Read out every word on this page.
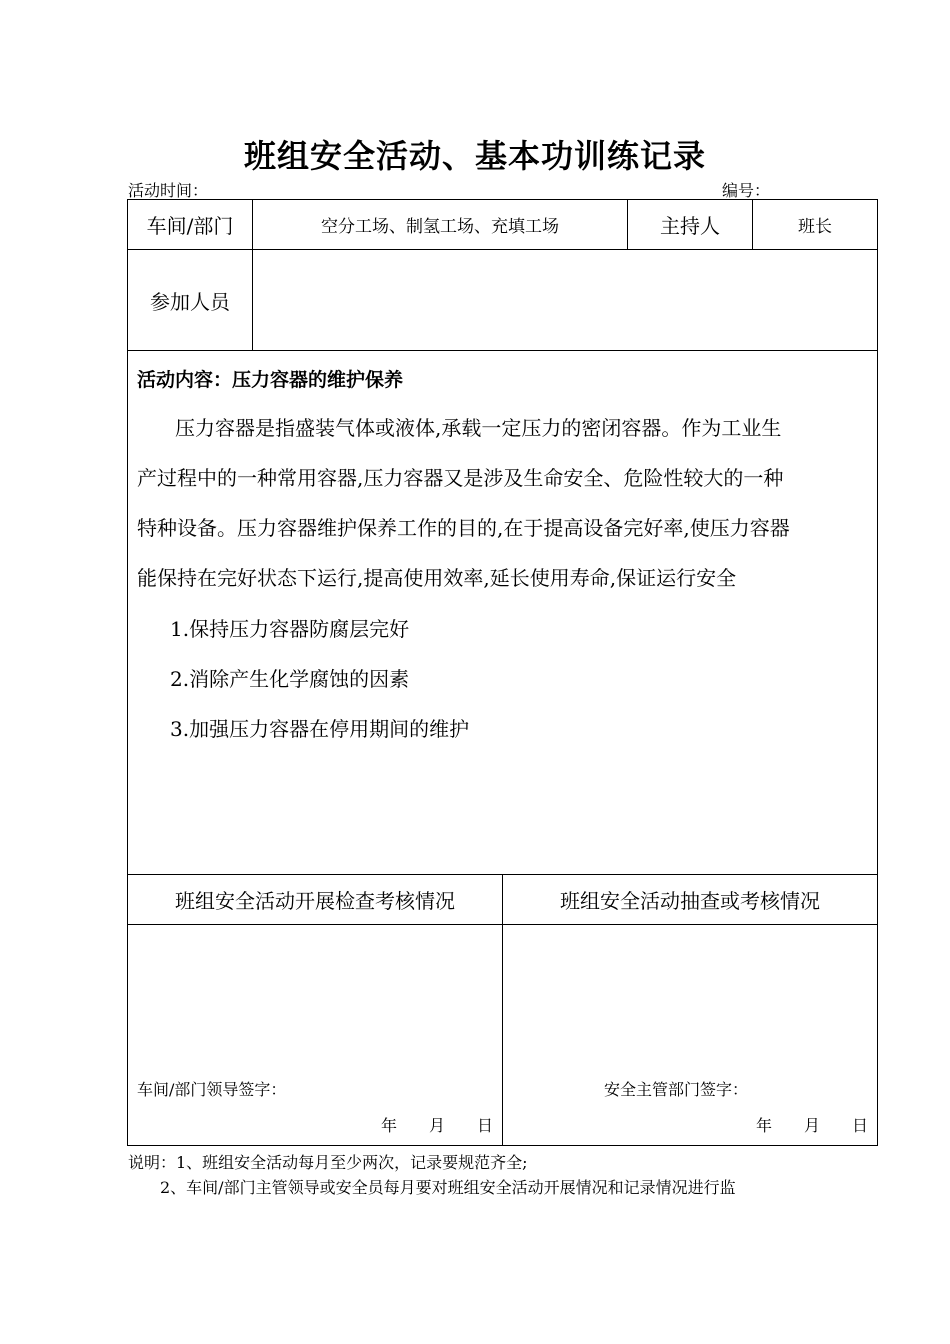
班组安全活动、基本功训练记录
活动时间：	编号：
车间/部门	空分工场、制氢工场、充填工场	主持人	班长
参加人员
活动内容：压力容器的维护保养
压力容器是指盛装气体或液体,承载一定压力的密闭容器。作为工业生
产过程中的一种常用容器,压力容器又是涉及生命安全、危险性较大的一种
特种设备。压力容器维护保养工作的目的,在于提高设备完好率,使压力容器
能保持在完好状态下运行,提高使用效率,延长使用寿命,保证运行安全
1.保持压力容器防腐层完好
2.消除产生化学腐蚀的因素
3.加强压力容器在停用期间的维护
班组安全活动开展检查考核情况	班组安全活动抽查或考核情况
车间/部门领导签字：
年 月 日
安全主管部门签字：
年 月 日
说明：1、班组安全活动每月至少两次，记录要规范齐全;
2、车间/部门主管领导或安全员每月要对班组安全活动开展情况和记录情况进行监
